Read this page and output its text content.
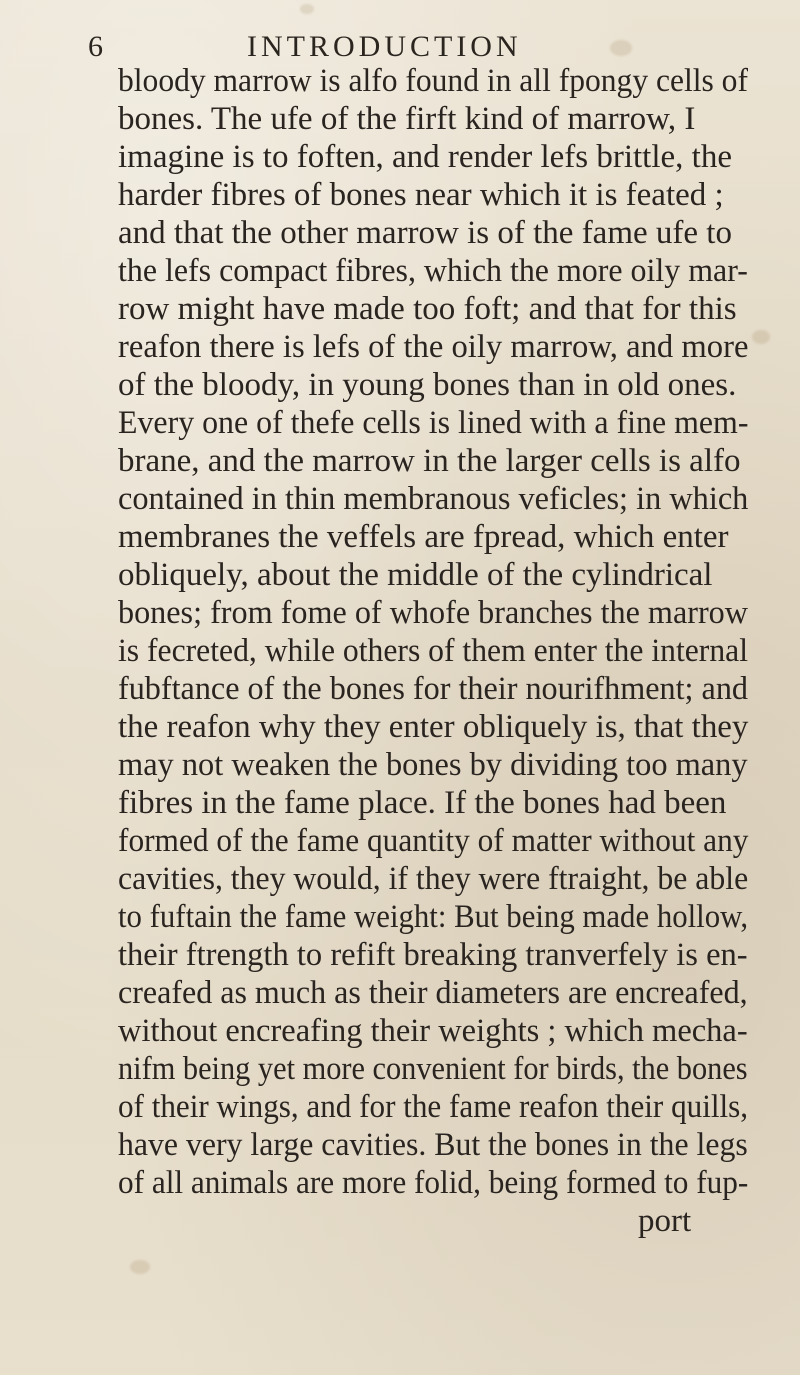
6	INTRODUCTION
bloody marrow is alfo found in all fpongy cells of
bones. The ufe of the firft kind of marrow, I
imagine is to foften, and render lefs brittle, the
harder fibres of bones near which it is feated ;
and that the other marrow is of the fame ufe to
the lefs compact fibres, which the more oily mar-
row might have made too foft; and that for this
reafon there is lefs of the oily marrow, and more
of the bloody, in young bones than in old ones.
Every one of thefe cells is lined with a fine mem-
brane, and the marrow in the larger cells is alfo
contained in thin membranous veficles; in which
membranes the veffels are fpread, which enter
obliquely, about the middle of the cylindrical
bones; from fome of whofe branches the marrow
is fecreted, while others of them enter the internal
fubftance of the bones for their nourifhment; and
the reafon why they enter obliquely is, that they
may not weaken the bones by dividing too many
fibres in the fame place. If the bones had been
formed of the fame quantity of matter without any
cavities, they would, if they were ftraight, be able
to fuftain the fame weight: But being made hollow,
their ftrength to refift breaking tranverfely is en-
creafed as much as their diameters are encreafed,
without encreafing their weights ; which mecha-
nifm being yet more convenient for birds, the bones
of their wings, and for the fame reafon their quills,
have very large cavities. But the bones in the legs
of all animals are more folid, being formed to fup-
port
